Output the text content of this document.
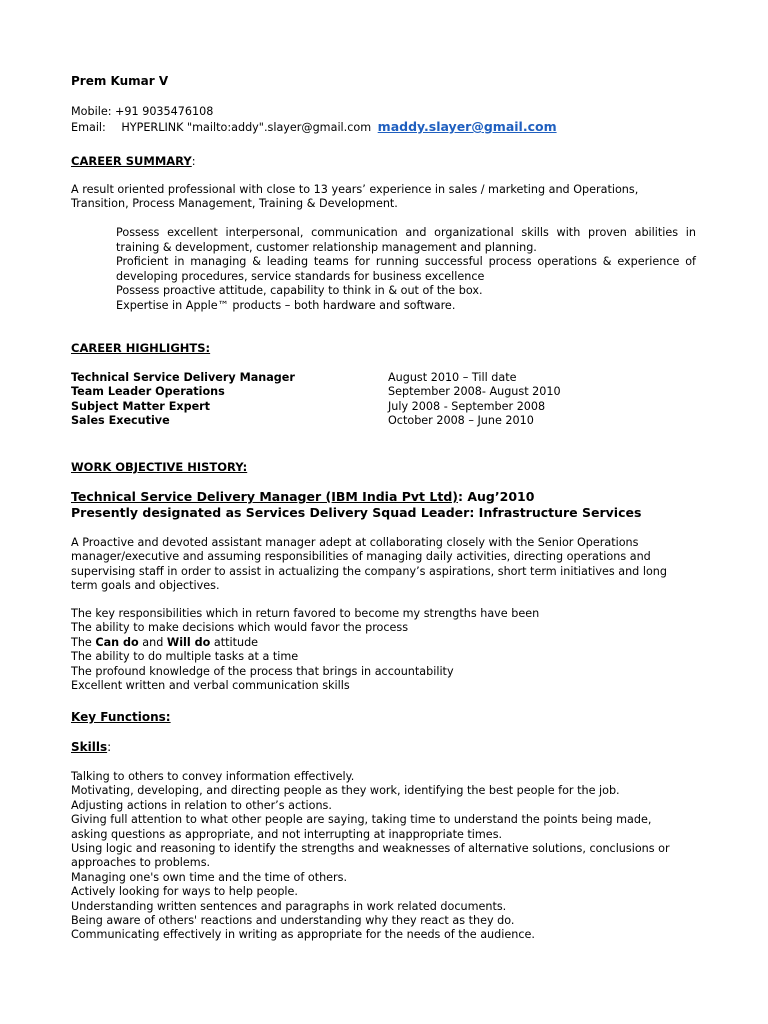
Prem Kumar V
Mobile: +91 9035476108
Email: HYPERLINK "mailto:addy".slayer@gmail.com maddy.slayer@gmail.com
CAREER SUMMARY:
A result oriented professional with close to 13 years’ experience in sales / marketing and Operations,
Transition, Process Management, Training & Development.
Possess excellent interpersonal, communication and organizational skills with proven abilities in training & development, customer relationship management and planning.
Proficient in managing & leading teams for running successful process operations & experience of developing procedures, service standards for business excellence
Possess proactive attitude, capability to think in & out of the box.
Expertise in Apple™ products – both hardware and software.
CAREER HIGHLIGHTS:
Technical Service Delivery Manager	August 2010 – Till date
Team Leader Operations	September 2008- August 2010
Subject Matter Expert	July 2008 - September 2008
Sales Executive	October 2008 – June 2010
WORK OBJECTIVE HISTORY:
Technical Service Delivery Manager (IBM India Pvt Ltd): Aug’2010
Presently designated as Services Delivery Squad Leader: Infrastructure Services
A Proactive and devoted assistant manager adept at collaborating closely with the Senior Operations
manager/executive and assuming responsibilities of managing daily activities, directing operations and
supervising staff in order to assist in actualizing the company’s aspirations, short term initiatives and long
term goals and objectives.
The key responsibilities which in return favored to become my strengths have been
The ability to make decisions which would favor the process
The Can do and Will do attitude
The ability to do multiple tasks at a time
The profound knowledge of the process that brings in accountability
Excellent written and verbal communication skills
Key Functions:
Skills:
Talking to others to convey information effectively.
Motivating, developing, and directing people as they work, identifying the best people for the job.
Adjusting actions in relation to other’s actions.
Giving full attention to what other people are saying, taking time to understand the points being made,
asking questions as appropriate, and not interrupting at inappropriate times.
Using logic and reasoning to identify the strengths and weaknesses of alternative solutions, conclusions or
approaches to problems.
Managing one's own time and the time of others.
Actively looking for ways to help people.
Understanding written sentences and paragraphs in work related documents.
Being aware of others' reactions and understanding why they react as they do.
Communicating effectively in writing as appropriate for the needs of the audience.
